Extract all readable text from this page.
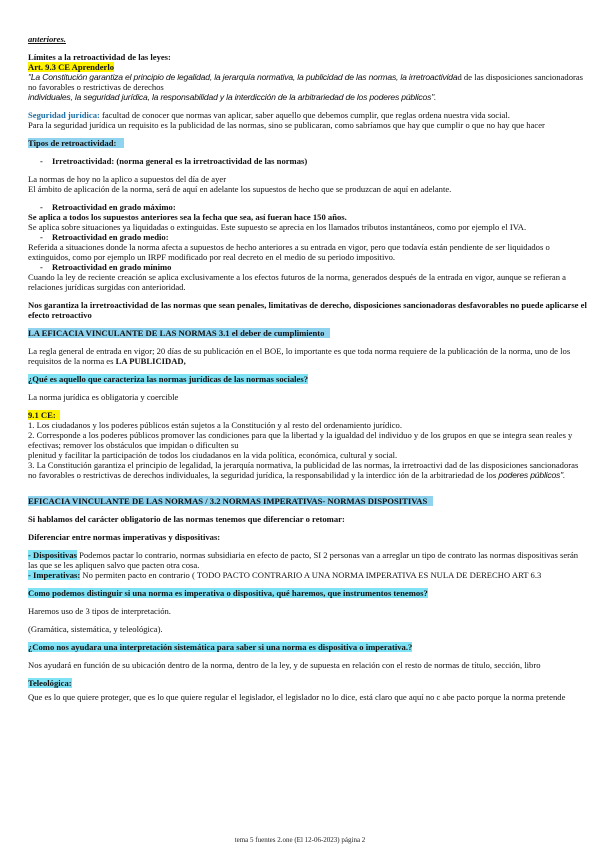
anteriores.

Límites a la retroactividad de las leyes:

Art. 9.3 CE Aprenderlo

"La Constitución garantiza el principio de legalidad, la jerarquía normativa, la publicidad de las normas, la irretroactividad de las disposiciones sancionadoras no favorables o restrictivas de derechos

individuales, la seguridad jurídica, la responsabilidad y la interdicción de la arbitrariedad de los poderes públicos".

Seguridad jurídica: facultad de conocer que normas van aplicar, saber aquello que debemos cumplir, que reglas ordena nuestra vida social.

Para la seguridad jurídica un requisito es la publicidad de las normas, sino se publicaran, como sabríamos que hay que cumplir o que no hay que hacer

Tipos de retroactividad:

- Irretroactividad: (norma general es la irretroactividad de las normas)

La normas de hoy no la aplico a supuestos del día de ayer

El ámbito de aplicación de la norma, será de aquí en adelante los supuestos de hecho que se produzcan de aquí en adelante.

- Retroactividad en grado máximo:

Se aplica a todos los supuestos anteriores sea la fecha que sea, así fueran hace 150 años.

Se aplica sobre situaciones ya liquidadas o extinguidas. Este supuesto se aprecia en los llamados tributos instantáneos, como por ejemplo el IVA.

- Retroactividad en grado medio:

Referida a situaciones donde la norma afecta a supuestos de hecho anteriores a su entrada en vigor, pero que todavía están pendiente de ser liquidados o extinguidos, como por ejemplo un IRPF modificado por real decreto en el medio de su periodo impositivo.

- Retroactividad en grado mínimo

Cuando la ley de reciente creación se aplica exclusivamente a los efectos futuros de la norma, generados después de la entrada en vigor, aunque se refieran a relaciones jurídicas surgidas con anterioridad.

Nos garantiza la irretroactividad de las normas que sean penales, limitativas de derecho, disposiciones sancionadoras desfavorables no puede aplicarse el efecto retroactivo

LA EFICACIA VINCULANTE DE LAS NORMAS 3.1 el deber de cumplimiento

La regla general de entrada en vigor; 20 días de su publicación en el BOE, lo importante es que toda norma requiere de la publicación de la norma, uno de los requisitos de la norma es LA PUBLICIDAD,

¿Qué es aquello que caracteriza las normas jurídicas de las normas sociales?

La norma jurídica es obligatoria y coercible

9.1 CE:

1. Los ciudadanos y los poderes públicos están sujetos a la Constitución y al resto del ordenamiento jurídico.

2. Corresponde a los poderes públicos promover las condiciones para que la libertad y la igualdad del individuo y de los grupos en que se integra sean reales y efectivas; remover los obstáculos que impidan o dificulten su

plenitud y facilitar la participación de todos los ciudadanos en la vida política, económica, cultural y social.

3. La Constitución garantiza el principio de legalidad, la jerarquía normativa, la publicidad de las normas, la irretroactivi dad de las disposiciones sancionadoras no favorables o restrictivas de derechos individuales, la seguridad jurídica, la responsabilidad y la interdicc ión de la arbitrariedad de los poderes públicos".

EFICACIA VINCULANTE DE LAS NORMAS / 3.2 NORMAS IMPERATIVAS- NORMAS DISPOSITIVAS

Si hablamos del carácter obligatorio de las normas tenemos que diferenciar o retomar:

Diferenciar entre normas imperativas y dispositivas:

- Dispositivas Podemos pactar lo contrario, normas subsidiaria en efecto de pacto, SI 2 personas van a arreglar un tipo de contrato las normas dispositivas serán las que se les apliquen salvo que pacten otra cosa.

- Imperativas: No permiten pacto en contrario ( TODO PACTO CONTRARIO A UNA NORMA IMPERATIVA ES NULA DE DERECHO ART 6.3

Como podemos distinguir si una norma es imperativa o dispositiva, qué haremos, que instrumentos tenemos?

Haremos uso de 3 tipos de interpretación.

(Gramática, sistemática, y teleológica).

¿Como nos ayudara una interpretación sistemática para saber si una norma es dispositiva o imperativa.?

Nos ayudará en función de su ubicación dentro de la norma, dentro de la ley, y de supuesta en relación con el resto de normas de título, sección, libro

Teleológica:

Que es lo que quiere proteger, que es lo que quiere regular el legislador, el legislador no lo dice, está claro que aquí no c abe pacto porque la norma pretende

tema 5 fuentes 2.one (El 12-06-2023) página 2
